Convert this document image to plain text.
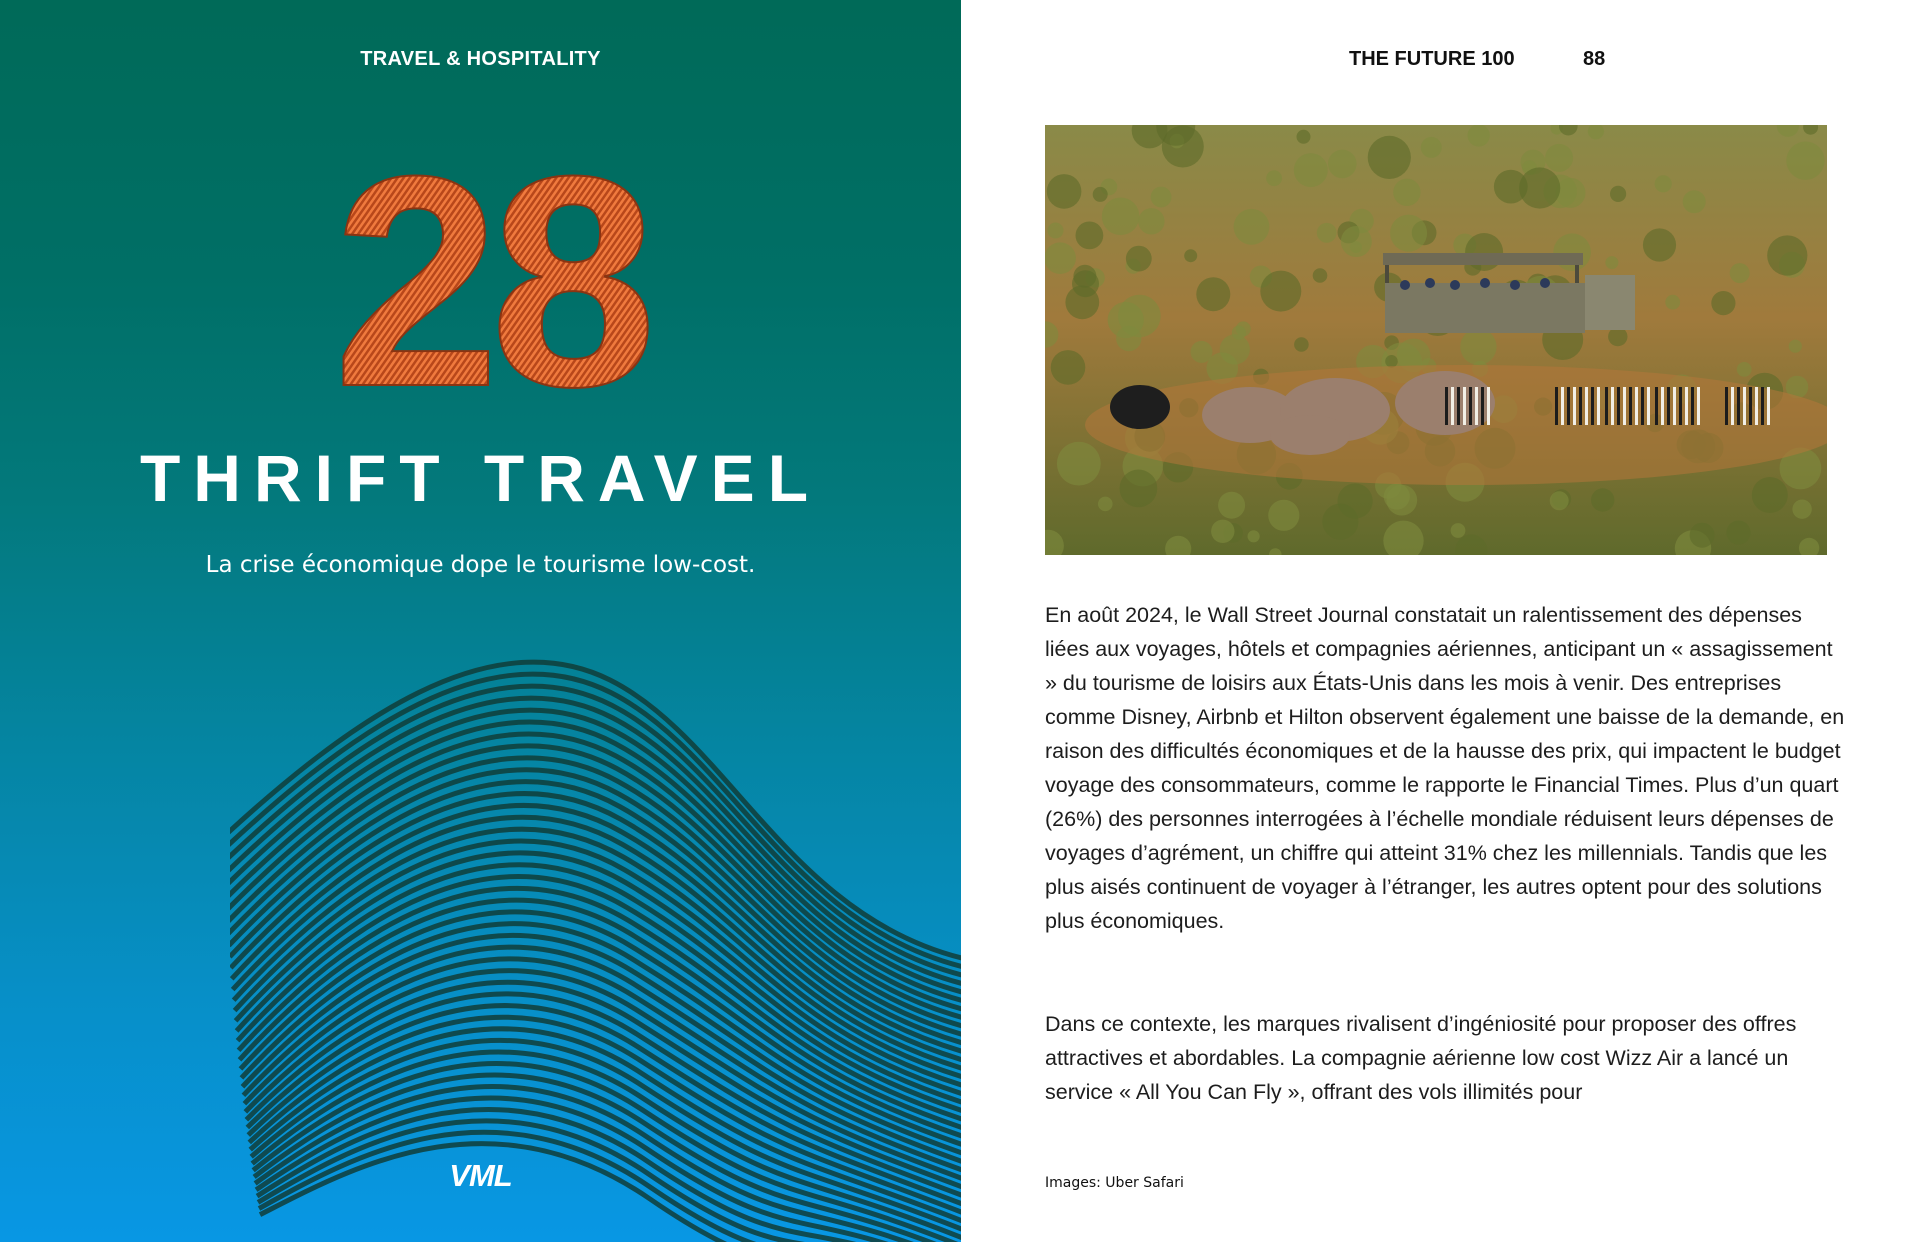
TRAVEL & HOSPITALITY
28
THRIFT TRAVEL
La crise économique dope le tourisme low-cost.
VML
THE FUTURE 100	88

En août 2024, le Wall Street Journal constatait un ralentissement des dépenses liées aux voyages, hôtels et compagnies aériennes, anticipant un « assagissement » du tourisme de loisirs aux États-Unis dans les mois à venir. Des entreprises comme Disney, Airbnb et Hilton observent également une baisse de la demande, en raison des difficultés économiques et de la hausse des prix, qui impactent le budget voyage des consommateurs, comme le rapporte le Financial Times. Plus d’un quart (26%) des personnes interrogées à l’échelle mondiale réduisent leurs dépenses de voyages d’agrément, un chiffre qui atteint 31% chez les millennials. Tandis que les plus aisés continuent de voyager à l’étranger, les autres optent pour des solutions plus économiques.

Dans ce contexte, les marques rivalisent d’ingéniosité pour proposer des offres attractives et abordables. La compagnie aérienne low cost Wizz Air a lancé un service « All You Can Fly », offrant des vols illimités pour

Images: Uber Safari
